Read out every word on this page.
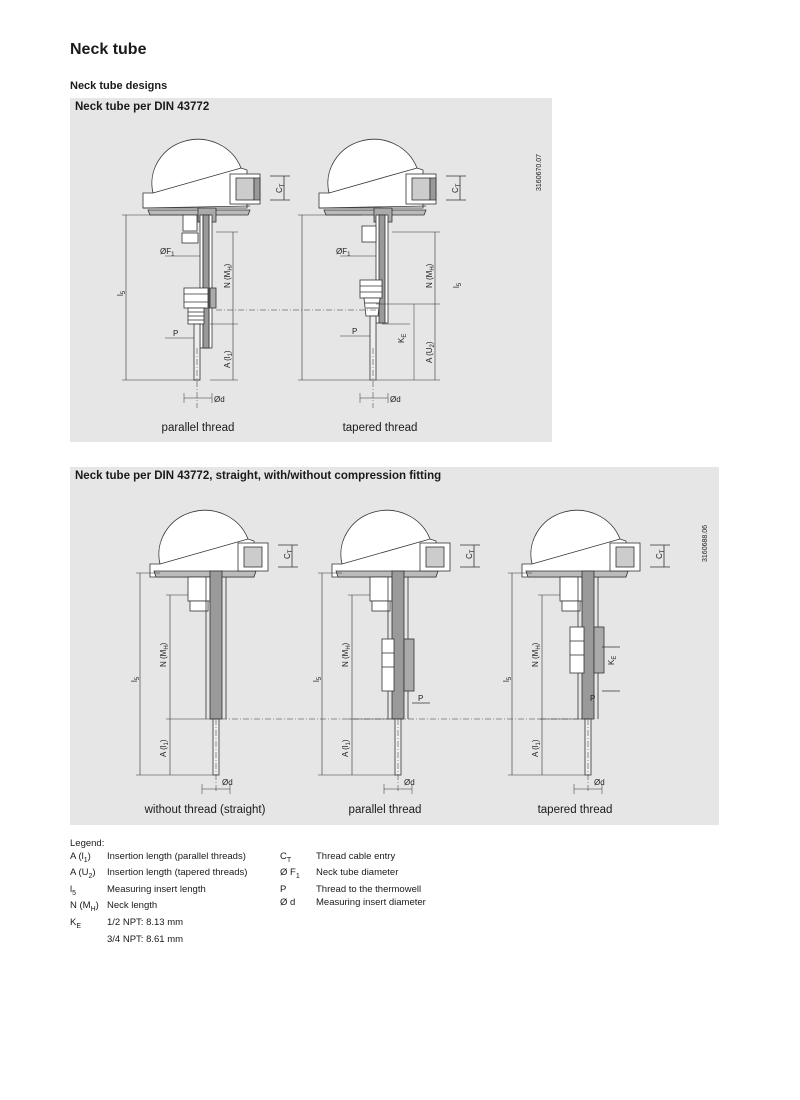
Neck tube
Neck tube designs
Neck tube per DIN 43772
3160670.07
$C_T$
$C_T$
$ØF_1$	$ØF_1$
N $(M_H)$
N $(M_H)$
$l_5$
$l_5$
P	P
A $(l_1)$	A $(U_2)$
$K_E$
Ød	Ød
parallel thread	tapered thread
Neck tube per DIN 43772, straight, with/without compression fitting
3160688.06
$C_T$
N $(M_H)$
$l_5$
A $(l_1)$
Ød
P
$C_T$
N $(M_H)$
$l_5$
A $(l_1)$
Ød
P
$K_E$
$C_T$
N $(M_H)$
$l_5$
A $(l_1)$
Ød
without thread (straight)	parallel thread	tapered thread
Legend:
A $(l_1)$	Insertion length (parallel threads)
A $(U_2)$	Insertion length (tapered threads)
$l_5$	Measuring insert length
N $(M_H)$ Neck length
$K_E$	1/2 NPT: 8.13 mm
3/4 NPT: 8.61 mm
$C_T$	Thread cable entry
Ø $F_1$	Neck tube diameter
P	Thread to the thermowell
Ø d	Measuring insert diameter
